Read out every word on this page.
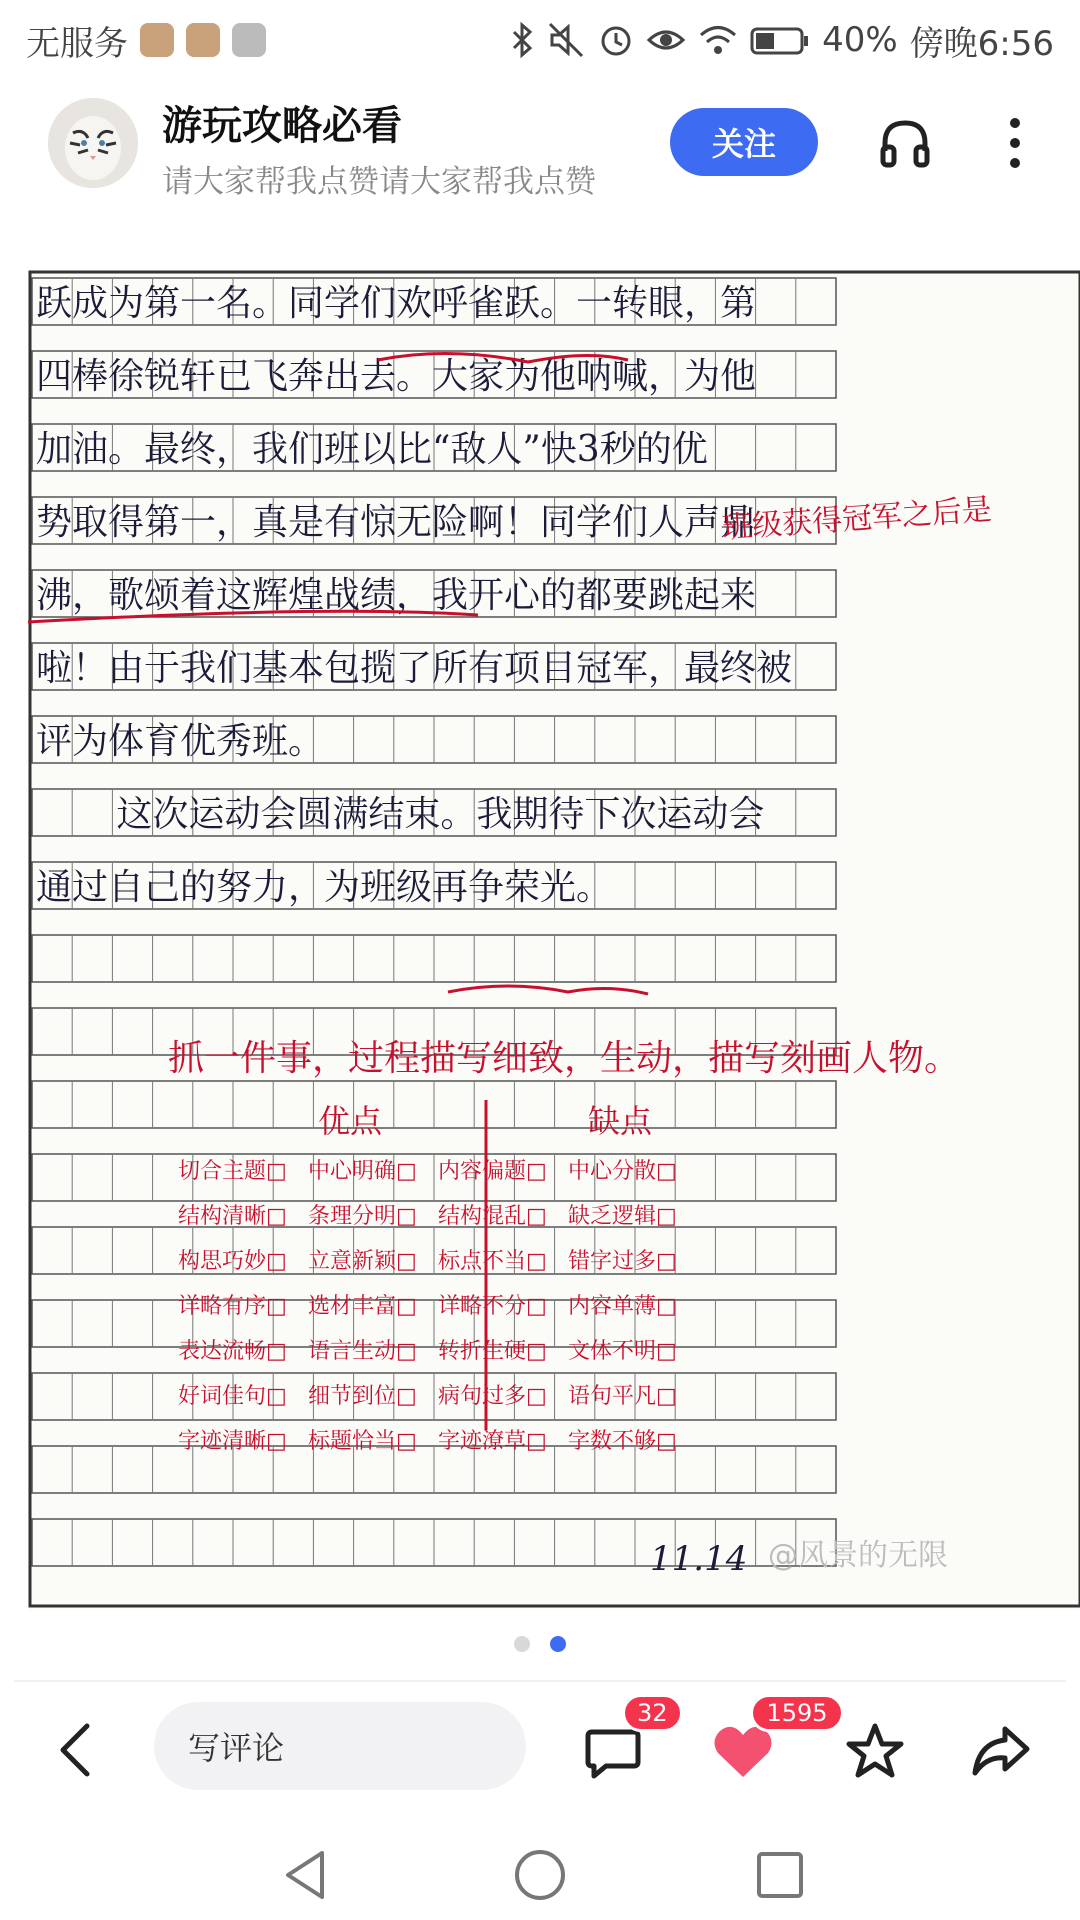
无服务	40% 傍晚6:56
游玩攻略必看
请大家帮我点赞请大家帮我点赞
关注
跃成为第一名。同学们欢呼雀跃。一转眼，第
四棒徐锐轩已飞奔出去。大家为他呐喊，为他
加油。最终，我们班以比“敌人”快3秒的优
势取得第一，真是有惊无险啊！同学们人声鼎
沸，歌颂着这辉煌战绩，我开心的都要跳起来
啦！由于我们基本包揽了所有项目冠军，最终被
评为体育优秀班。
这次运动会圆满结束。我期待下次运动会
通过自己的努力，为班级再争荣光。
班级获得冠军之后是
抓一件事，过程描写细致，生动，描写刻画人物。
优点	缺点
切合主题□ 中心明确□ 内容偏题□ 中心分散□
结构清晰□ 条理分明□ 结构混乱□ 缺乏逻辑□
构思巧妙□ 立意新颖□ 标点不当□ 错字过多□
详略有序□ 选材丰富□ 详略不分□ 内容单薄□
表达流畅□ 语言生动□ 转折生硬□ 文体不明□
好词佳句□ 细节到位□ 病句过多□ 语句平凡□
字迹清晰□ 标题恰当□ 字迹潦草□ 字数不够□
11.14 @风景的无限
写评论
32	1595
